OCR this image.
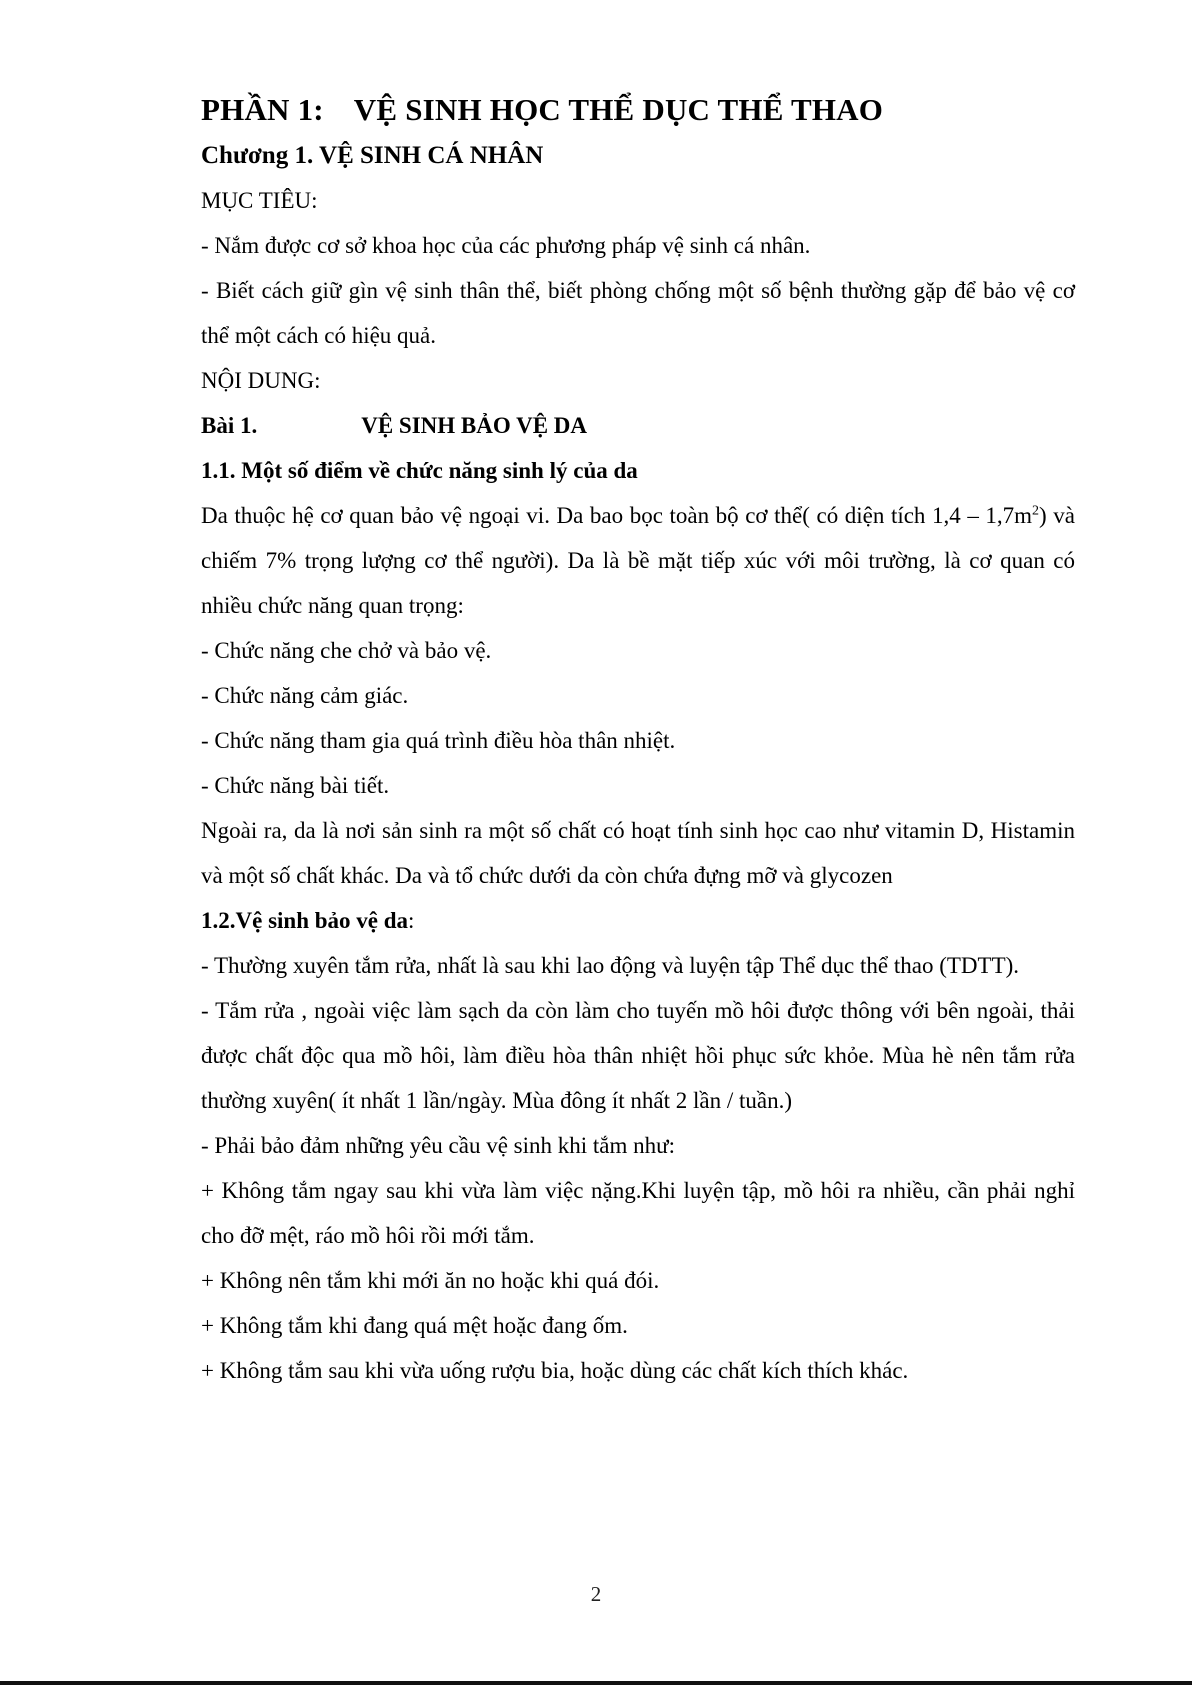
PHẦN 1: VỆ SINH HỌC THỂ DỤC THỂ THAO
Chương 1. VỆ SINH CÁ NHÂN

MỤC TIÊU:

- Nắm được cơ sở khoa học của các phương pháp vệ sinh cá nhân.

- Biết cách giữ gìn vệ sinh thân thể, biết phòng chống một số bệnh thường gặp để bảo vệ cơ thể một cách có hiệu quả.

NỘI DUNG:

Bài 1.	VỆ SINH BẢO VỆ DA

1.1. Một số điểm về chức năng sinh lý của da

Da thuộc hệ cơ quan bảo vệ ngoại vi. Da bao bọc toàn bộ cơ thể( có diện tích $1,4 - 1,7m^2$) và chiếm 7% trọng lượng cơ thể người). Da là bề mặt tiếp xúc với môi trường, là cơ quan có nhiều chức năng quan trọng:

- Chức năng che chở và bảo vệ.

- Chức năng cảm giác.

- Chức năng tham gia quá trình điều hòa thân nhiệt.

- Chức năng bài tiết.

Ngoài ra, da là nơi sản sinh ra một số chất có hoạt tính sinh học cao như vitamin D, Histamin và một số chất khác. Da và tổ chức dưới da còn chứa đựng mỡ và glycozen

1.2.Vệ sinh bảo vệ da:

- Thường xuyên tắm rửa, nhất là sau khi lao động và luyện tập Thể dục thể thao (TDTT).

- Tắm rửa , ngoài việc làm sạch da còn làm cho tuyến mồ hôi được thông với bên ngoài, thải được chất độc qua mồ hôi, làm điều hòa thân nhiệt hồi phục sức khỏe. Mùa hè nên tắm rửa thường xuyên( ít nhất 1 lần/ngày. Mùa đông ít nhất 2 lần / tuần.)

- Phải bảo đảm những yêu cầu vệ sinh khi tắm như:

+ Không tắm ngay sau khi vừa làm việc nặng.Khi luyện tập, mồ hôi ra nhiều, cần phải nghỉ cho đỡ mệt, ráo mồ hôi rồi mới tắm.

+ Không nên tắm khi mới ăn no hoặc khi quá đói.

+ Không tắm khi đang quá mệt hoặc đang ốm.

+ Không tắm sau khi vừa uống rượu bia, hoặc dùng các chất kích thích khác.

2
